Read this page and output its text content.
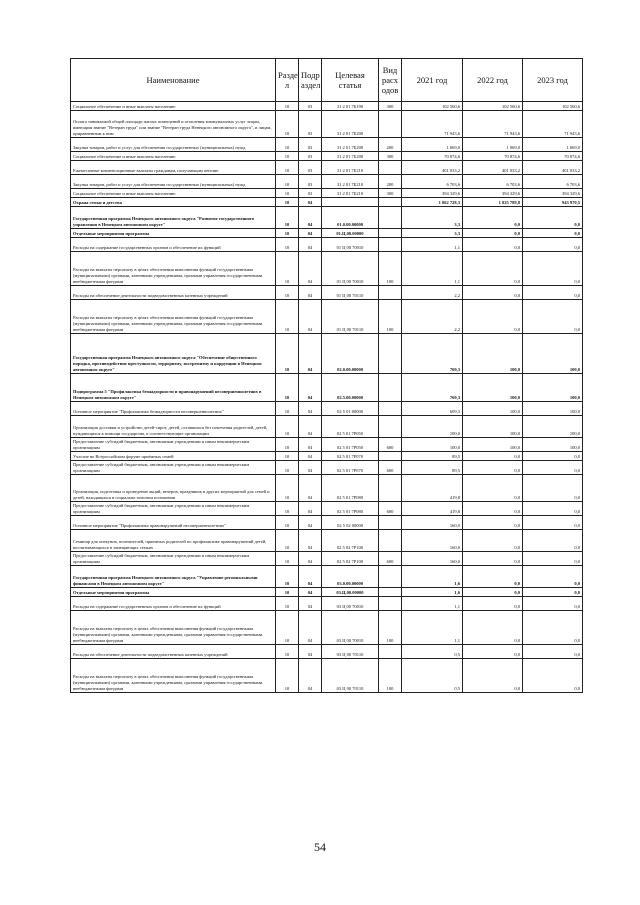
Наименование	Разде л	Подр аздел	Целевая статья	Вид расх одов	2021 год	2022 год	2023 год
Социальное обеспечение и иные выплаты населению	10	03	31 2 01 7Б190	300	102 560,6	102 560,6	102 560,6
Оплата занимаемой общей площади жилых помещений и отопления коммунальных услуг лицам, имеющим звание "Ветеран труда" или звание "Ветеран труда Ненецкого автономного округа", и лицам, приравненным к ним	10	03	31 2 01 7Б200		71 943,6	71 943,6	71 943,6
Закупка товаров, работ и услуг для обеспечения государственных (муниципальных) нужд	10	03	31 2 01 7Б200	200	1 069,0	1 069,0	1 069,0
Социальное обеспечение и иные выплаты населению	10	03	31 2 01 7Б200	300	70 874,6	70 874,6	70 874,6
Ежемесячные компенсационные выплаты гражданам, получающим пенсию	10	03	31 2 01 7Б210		401 033,2	401 033,2	401 033,2
Закупка товаров, работ и услуг для обеспечения государственных (муниципальных) нужд	10	03	31 2 01 7Б210	200	6 703,6	6 703,6	6 703,6
Социальное обеспечение и иные выплаты населению	10	03	31 2 01 7Б210	300	394 329,6	394 329,6	394 329,6
Охрана семьи и детства	10	04			1 062 728,3	1 025 789,8	943 970,5
Государственная программа Ненецкого автономного округа "Развитие государственного управления в Ненецком автономном округе"	10	04	01.0.00.00000		3,3	0,0	0,0
Отдельные мероприятия программы	10	04	01.Ц.00.00000		3,3	0,0	0,0
Расходы на содержание государственных органов и обеспечение их функций	10	04	01 Ц 00 70010		1,1	0,0	0,0
Расходы на выплаты персоналу в целях обеспечения выполнения функций государственными (муниципальными) органами, казенными учреждениями, органами управления государственными внебюджетными фондами	10	04	01 Ц 00 70010	100	1,1	0,0	0,0
Расходы на обеспечение деятельности подведомственных казенных учреждений	10	04	01 Ц 00 70110		2,2	0,0	0,0
Расходы на выплаты персоналу в целях обеспечения выполнения функций государственными (муниципальными) органами, казенными учреждениями, органами управления государственными внебюджетными фондами	10	04	01 Ц 00 70110	100	2,2	0,0	0,0
Государственная программа Ненецкого автономного округа "Обеспечение общественного порядка, противодействие преступности, терроризму, экстремизму и коррупции в Ненецком автономном округе"	10	04	02.0.00.00000		769,3	100,0	100,0
Подпрограмма 5 "Профилактика безнадзорности и правонарушений несовершеннолетних в Ненецком автономном округе"	10	04	02.5.00.00000		769,3	100,0	100,0
Основное мероприятие "Профилактика безнадзорности несовершеннолетних"	10	04	02 5 01 00000		609,3	100,0	100,0
Организация доставки и устройство детей-сирот, детей, оставшихся без попечения родителей, детей, нуждающихся в помощи государства, в соответствующие организации	10	04	02 5 01 7Р050		100,0	100,0	100,0
Предоставление субсидий бюджетным, автономным учреждениям и иным некоммерческим организациям	10	04	02 5 01 7Р050	600	100,0	100,0	100,0
Участие во Всероссийском форуме приёмных семей	10	04	02 5 01 7Р070		89,5	0,0	0,0
Предоставление субсидий бюджетным, автономным учреждениям и иным некоммерческим организациям	10	04	02 5 01 7Р070	600	89,5	0,0	0,0
Организация, подготовка и проведение акций, вечеров, праздников и других мероприятий для семей и детей, находящихся в социально-опасном положении	10	04	02 5 01 7Р080		419,8	0,0	0,0
Предоставление субсидий бюджетным, автономным учреждениям и иным некоммерческим организациям	10	04	02 5 01 7Р080	600	419,8	0,0	0,0
Основное мероприятие "Профилактика правонарушений несовершеннолетних"	10	04	02 5 02 00000		160,0	0,0	0,0
Семинар для опекунов, попечителей, приемных родителей по профилактике правонарушений детей, воспитывающихся в замещающих семьях	10	04	02 5 02 7Р100		160,0	0,0	0,0
Предоставление субсидий бюджетным, автономным учреждениям и иным некоммерческим организациям	10	04	02 5 02 7Р100	600	160,0	0,0	0,0
Государственная программа Ненецкого автономного округа "Управление региональными финансами в Ненецком автономном округе"	10	04	03.0.00.00000		1,6	0,0	0,0
Отдельные мероприятия программы	10	04	03.Ц.00.00000		1,6	0,0	0,0
Расходы на содержание государственных органов и обеспечение их функций	10	04	03 Ц 00 70010		1,1	0,0	0,0
Расходы на выплаты персоналу в целях обеспечения выполнения функций государственными (муниципальными) органами, казенными учреждениями, органами управления государственными внебюджетными фондами	10	04	03 Ц 00 70010	100	1,1	0,0	0,0
Расходы на обеспечение деятельности подведомственных казенных учреждений	10	04	03 Ц 00 70110		0,5	0,0	0,0
Расходы на выплаты персоналу в целях обеспечения выполнения функций государственными (муниципальными) органами, казенными учреждениями, органами управления государственными внебюджетными фондами	10	04	03 Ц 00 70110	100	0,5	0,0	0,0
54
